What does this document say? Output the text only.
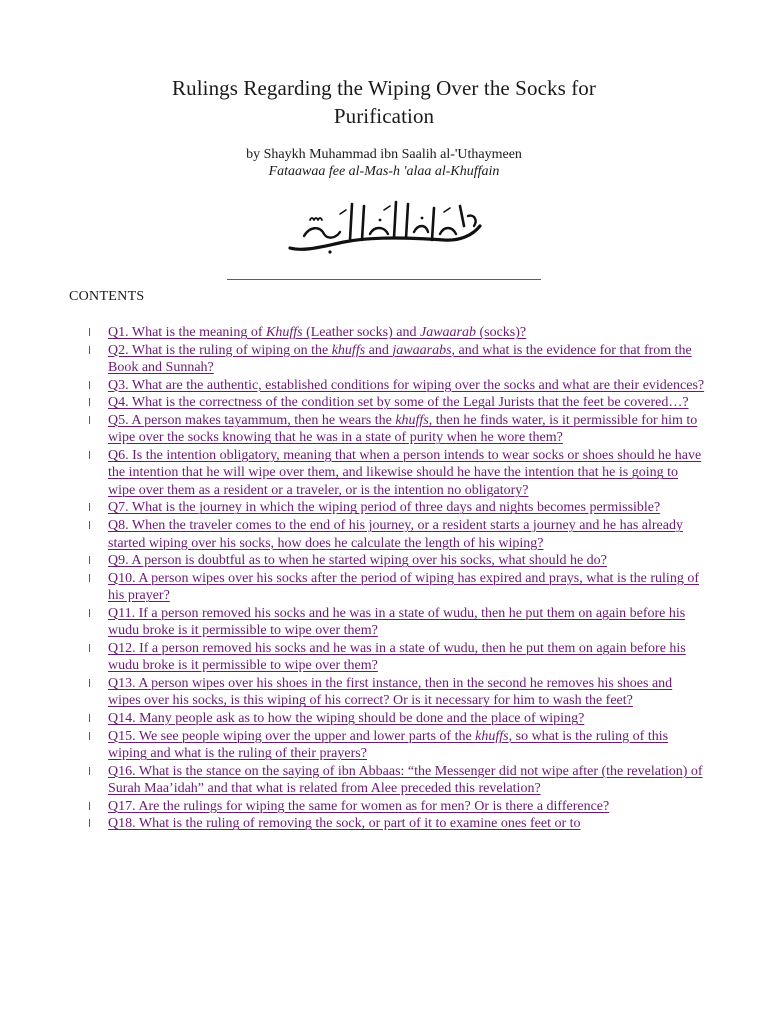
Rulings Regarding the Wiping Over the Socks for
Purification
by Shaykh Muhammad ibn Saalih al-'Uthaymeen
Fataawaa fee al-Mas-h 'alaa al-Khuffain
CONTENTS
l	Q1. What is the meaning of Khuffs (Leather socks) and Jawaarab (socks)?
l	Q2. What is the ruling of wiping on the khuffs and jawaarabs, and what is the evidence for that from the Book and Sunnah?
l	Q3. What are the authentic, established conditions for wiping over the socks and what are their evidences?
l	Q4. What is the correctness of the condition set by some of the Legal Jurists that the feet be covered…?
l	Q5. A person makes tayammum, then he wears the khuffs, then he finds water, is it permissible for him to wipe over the socks knowing that he was in a state of purity when he wore them?
l	Q6. Is the intention obligatory, meaning that when a person intends to wear socks or shoes should he have the intention that he will wipe over them, and likewise should he have the intention that he is going to wipe over them as a resident or a traveler, or is the intention no obligatory?
l	Q7. What is the journey in which the wiping period of three days and nights becomes permissible?
l	Q8. When the traveler comes to the end of his journey, or a resident starts a journey and he has already started wiping over his socks, how does he calculate the length of his wiping?
l	Q9. A person is doubtful as to when he started wiping over his socks, what should he do?
l	Q10. A person wipes over his socks after the period of wiping has expired and prays, what is the ruling of his prayer?
l	Q11. If a person removed his socks and he was in a state of wudu, then he put them on again before his wudu broke is it permissible to wipe over them?
l	Q12. If a person removed his socks and he was in a state of wudu, then he put them on again before his wudu broke is it permissible to wipe over them?
l	Q13. A person wipes over his shoes in the first instance, then in the second he removes his shoes and wipes over his socks, is this wiping of his correct? Or is it necessary for him to wash the feet?
l	Q14. Many people ask as to how the wiping should be done and the place of wiping?
l	Q15. We see people wiping over the upper and lower parts of the khuffs, so what is the ruling of this wiping and what is the ruling of their prayers?
l	Q16. What is the stance on the saying of ibn Abbaas: “the Messenger did not wipe after (the revelation) of Surah Maa’idah” and that what is related from Alee preceded this revelation?
l	Q17. Are the rulings for wiping the same for women as for men? Or is there a difference?
l	Q18. What is the ruling of removing the sock, or part of it to examine ones feet or to
